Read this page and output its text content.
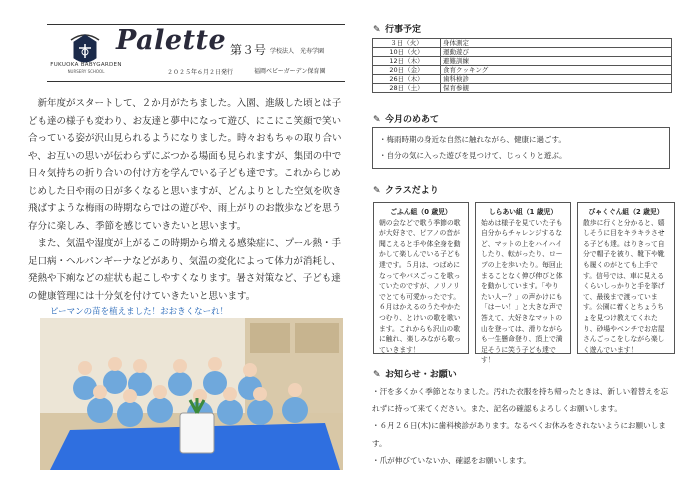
FUKUOKA BABYGARDEN
NURSERY SCHOOL
Palette 第３号 学校法人　光寿学園
２０２５年６月２日発行	福岡ベビーガーデン保育園

新年度がスタートして、２か月がたちました。入園、進級した頃とは子ども達の様子も変わり、お友達と夢中になって遊び、にこにこ笑顔で笑い合っている姿が沢山見られるようになりました。時々おもちゃの取り合いや、お互いの思いが伝わらずにぶつかる場面も見られますが、集団の中で日々気持ちの折り合いの付け方を学んでいる子ども達です。これからじめじめした日や雨の日が多くなると思いますが、どんよりとした空気を吹き飛ばすような梅雨の時期ならではの遊びや、雨上がりのお散歩などを思う存分に楽しみ、季節を感じていきたいと思います。

また、気温や湿度が上がるこの時期から増える感染症に、プール熱・手足口病・ヘルパンギーナなどがあり、気温の変化によって体力が消耗し、発熱や下痢などの症状も起こしやすくなります。暑さ対策など、子ども達の健康管理には十分気を付けていきたいと思います。

ピーマンの苗を植えました！おおきくなーれ！
✎ 行事予定
３日（火）	身体測定
10日（火）	運動遊び
12日（木）	避難訓練
20日（金）	食育クッキング
26日（木）	歯科検診
28日（土）	保育参観
✎ 今月のめあて
・梅雨時期の身近な自然に触れながら、健康に過ごす。
・自分の気に入った遊びを見つけて、じっくりと遊ぶ。
✎ クラスだより
ごふん組（0 歳児）
朝の会などで歌う季節の歌が大好きで、ピアノの音が聞こえると手や体全身を動かして楽しんでいる子ども達です。５月は、つばめになってやバスごっこを歌っていたのですが、ノリノリでとても可愛かったです。６月はかえるのうたやかたつむり、とけいの歌を歌います。これからも沢山の歌に触れ、楽しみながら歌っていきます！
しらあい組（1 歳児）
始めは様子を見ていた子も自分からチャレンジするなど、マットの上をハイハイしたり、転がったり、ロープの上を歩いたり。毎回止まることなく伸び伸びと体を動かしています。「やりたい人ー？」の声かけにも「はーい！」と大きな声で答えて、大好きなマットの山を登っては、滑りながらも一生懸命登り、頂上で満足そうに笑う子ども達です！
びゃくぐん組（2 歳児）
散歩に行くと分かると、嬉しそうに目をキラキラさせる子ども達。はりきって自分で帽子を被り、靴下や靴も履くのがとても上手です。信号では、車に見えるくらいしっかりと手を挙げて、最後まで渡っています。公園に着くとちょうちょを見つけ教えてくれたり、砂場やベンチでお店屋さんごっこをしながら楽しく遊んでいます！
✎ お知らせ・お願い

・汗を多くかく季節となりました。汚れた衣服を持ち帰ったときは、新しい着替えを忘れずに持って来てください。また、記名の確認もよろしくお願いします。

・６月２６日(木)に歯科検診があります。なるべくお休みをされないようにお願いします。

・爪が伸びていないか、確認をお願いします。
